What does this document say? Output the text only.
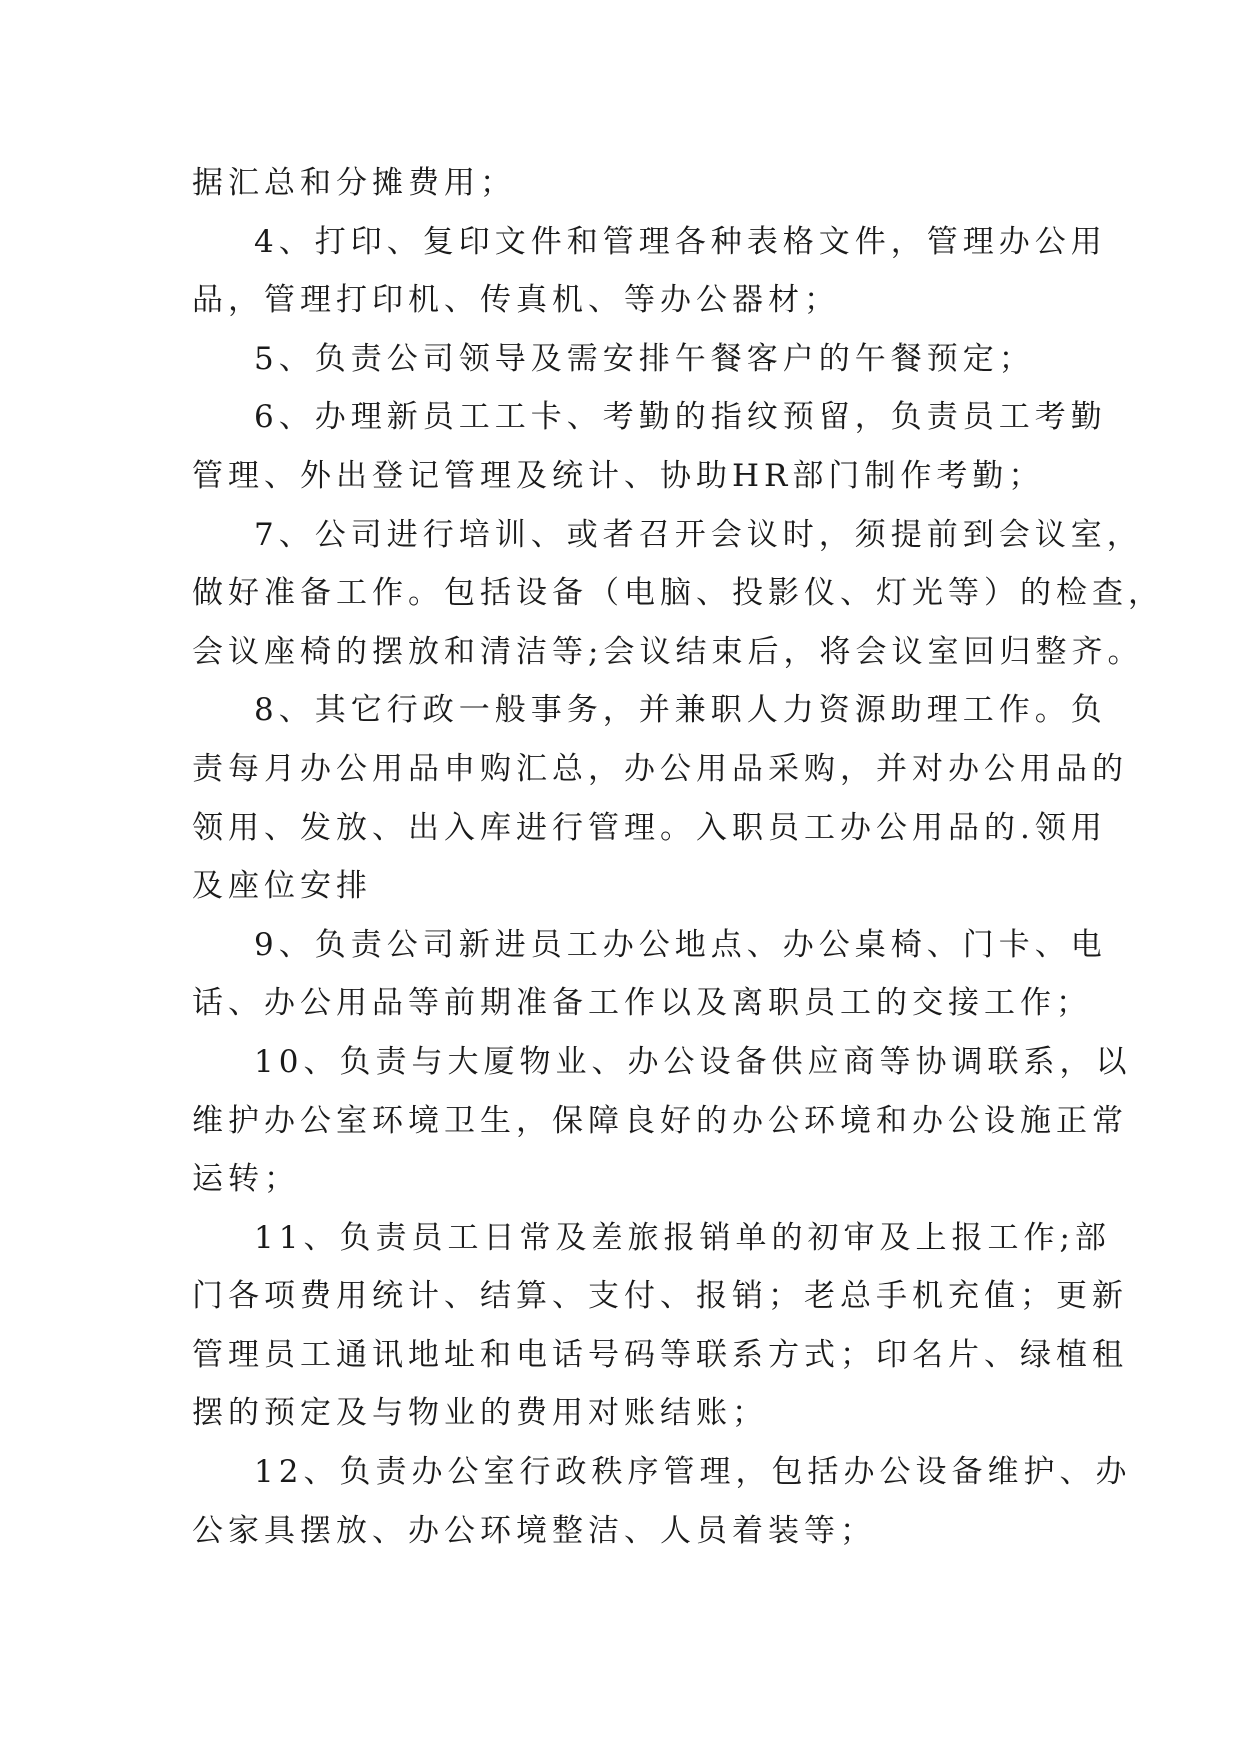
据汇总和分摊费用；
4、打印、复印文件和管理各种表格文件，管理办公用
品，管理打印机、传真机、等办公器材；
5、负责公司领导及需安排午餐客户的午餐预定；
6、办理新员工工卡、考勤的指纹预留，负责员工考勤
管理、外出登记管理及统计、协助HR部门制作考勤；
7、公司进行培训、或者召开会议时，须提前到会议室，
做好准备工作。包括设备（电脑、投影仪、灯光等）的检查，
会议座椅的摆放和清洁等;会议结束后，将会议室回归整齐。
8、其它行政一般事务，并兼职人力资源助理工作。负
责每月办公用品申购汇总，办公用品采购，并对办公用品的
领用、发放、出入库进行管理。入职员工办公用品的.领用
及座位安排
9、负责公司新进员工办公地点、办公桌椅、门卡、电
话、办公用品等前期准备工作以及离职员工的交接工作；
10、负责与大厦物业、办公设备供应商等协调联系，以
维护办公室环境卫生，保障良好的办公环境和办公设施正常
运转；
11、负责员工日常及差旅报销单的初审及上报工作;部
门各项费用统计、结算、支付、报销；老总手机充值；更新
管理员工通讯地址和电话号码等联系方式；印名片、绿植租
摆的预定及与物业的费用对账结账；
12、负责办公室行政秩序管理，包括办公设备维护、办
公家具摆放、办公环境整洁、人员着装等；
